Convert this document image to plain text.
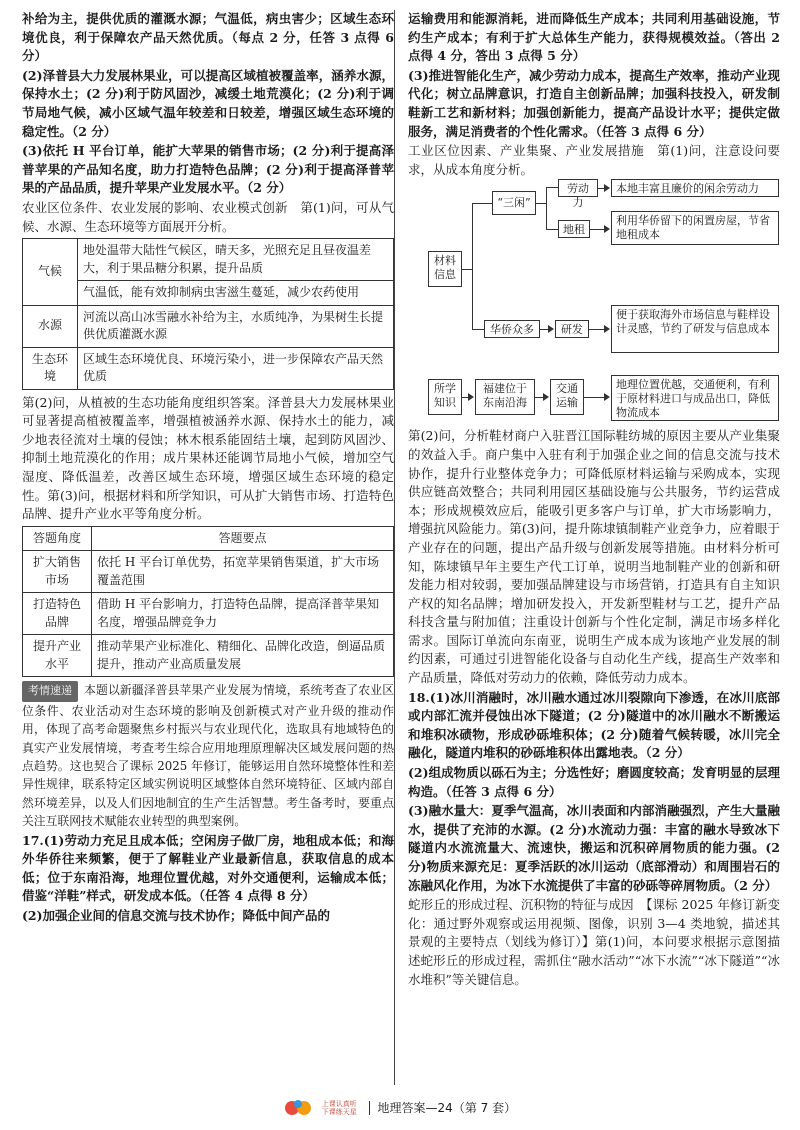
补给为主，提供优质的灌溉水源；气温低，病虫害少；区域生态环境优良，利于保障农产品天然优质。（每点 2 分，任答 3 点得 6 分）

(2)泽普县大力发展林果业，可以提高区域植被覆盖率，涵养水源，保持水土；(2 分)利于防风固沙，减缓土地荒漠化；(2 分)利于调节局地气候，减小区域气温年较差和日较差，增强区域生态环境的稳定性。（2 分）

(3)依托 H 平台订单，能扩大苹果的销售市场；(2 分)利于提高泽普苹果的产品知名度，助力打造特色品牌；(2 分)利于提高泽普苹果的产品品质，提升苹果产业发展水平。（2 分）

农业区位条件、农业发展的影响、农业模式创新　第(1)问，可从气候、水源、生态环境等方面展开分析。

气候	地处温带大陆性气候区，晴天多，光照充足且昼夜温差大，利于果品糖分积累，提升品质
	气温低，能有效抑制病虫害滋生蔓延，减少农药使用
水源	河流以高山冰雪融水补给为主，水质纯净，为果树生长提供优质灌溉水源
生态环境	区域生态环境优良、环境污染小，进一步保障农产品天然优质

第(2)问，从植被的生态功能角度组织答案。泽普县大力发展林果业可显著提高植被覆盖率，增强植被涵养水源、保持水土的能力，减少地表径流对土壤的侵蚀；林木根系能固结土壤，起到防风固沙、抑制土地荒漠化的作用；成片果林还能调节局地小气候，增加空气湿度、降低温差，改善区域生态环境，增强区域生态环境的稳定性。第(3)问，根据材料和所学知识，可从扩大销售市场、打造特色品牌、提升产业水平等角度分析。

答题角度	答题要点
扩大销售市场	依托 H 平台订单优势，拓宽苹果销售渠道，扩大市场覆盖范围
打造特色品牌	借助 H 平台影响力，打造特色品牌，提高泽普苹果知名度，增强品牌竞争力
提升产业水平	推动苹果产业标准化、精细化、品牌化改造，倒逼品质提升，推动产业高质量发展

考情速递 本题以新疆泽普县苹果产业发展为情境，系统考查了农业区位条件、农业活动对生态环境的影响及创新模式对产业升级的推动作用，体现了高考命题聚焦乡村振兴与农业现代化，选取具有地域特色的真实产业发展情境，考查考生综合应用地理原理解决区域发展问题的热点趋势。这也契合了课标 2025 年修订，能够运用自然环境整体性和差异性规律，联系特定区域实例说明区域整体自然环境特征、区域内部自然环境差异，以及人们因地制宜的生产生活智慧。考生备考时，要重点关注互联网技术赋能农业转型的典型案例。

17.(1)劳动力充足且成本低；空闲房子做厂房，地租成本低；和海外华侨往来频繁，便于了解鞋业产业最新信息，获取信息的成本低；位于东南沿海，地理位置优越，对外交通便利，运输成本低；借鉴“洋鞋”样式，研发成本低。（任答 4 点得 8 分）

(2)加强企业间的信息交流与技术协作；降低中间产品的

运输费用和能源消耗，进而降低生产成本；共同利用基础设施，节约生产成本；有利于扩大总体生产能力，获得规模效益。（答出 2 点得 4 分，答出 3 点得 5 分）

(3)推进智能化生产，减少劳动力成本，提高生产效率，推动产业现代化；树立品牌意识，打造自主创新品牌；加强科技投入，研发制鞋新工艺和新材料；加强创新能力，提高产品设计水平；提供定做服务，满足消费者的个性化需求。（任答 3 点得 6 分）

工业区位因素、产业集聚、产业发展措施　第(1)问，注意设问要求，从成本角度分析。

材料信息
“三闲”
劳动力
本地丰富且廉价的闲余劳动力
地租
利用华侨留下的闲置房屋，节省地租成本
华侨众多	研发
便于获取海外市场信息与鞋样设计灵感，节约了研发与信息成本
所学知识
福建位于东南沿海
交通运输
地理位置优越，交通便利，有利于原材料进口与成品出口，降低物流成本

第(2)问，分析鞋材商户入驻晋江国际鞋纺城的原因主要从产业集聚的效益入手。商户集中入驻有利于加强企业之间的信息交流与技术协作，提升行业整体竞争力；可降低原材料运输与采购成本，实现供应链高效整合；共同利用园区基础设施与公共服务，节约运营成本；形成规模效应后，能吸引更多客户与订单，扩大市场影响力，增强抗风险能力。第(3)问，提升陈埭镇制鞋产业竞争力，应着眼于产业存在的问题，提出产品升级与创新发展等措施。由材料分析可知，陈埭镇早年主要生产代工订单，说明当地制鞋产业的创新和研发能力相对较弱，要加强品牌建设与市场营销，打造具有自主知识产权的知名品牌；增加研发投入，开发新型鞋材与工艺，提升产品科技含量与附加值；注重设计创新与个性化定制，满足市场多样化需求。国际订单流向东南亚，说明生产成本成为该地产业发展的制约因素，可通过引进智能化设备与自动化生产线，提高生产效率和产品质量，降低对劳动力的依赖，降低劳动力成本。

18.(1)冰川消融时，冰川融水通过冰川裂隙向下渗透，在冰川底部或内部汇流并侵蚀出冰下隧道；(2 分)隧道中的冰川融水不断搬运和堆积冰碛物，形成砂砾堆积体；(2 分)随着气候转暖，冰川完全融化，隧道内堆积的砂砾堆积体出露地表。（2 分）

(2)组成物质以砾石为主；分选性好；磨圆度较高；发育明显的层理构造。（任答 3 点得 6 分）

(3)融水量大：夏季气温高，冰川表面和内部消融强烈，产生大量融水，提供了充沛的水源。(2 分)水流动力强：丰富的融水导致冰下隧道内水流流量大、流速快，搬运和沉积碎屑物质的能力强。(2 分)物质来源充足：夏季活跃的冰川运动（底部滑动）和周围岩石的冻融风化作用，为冰下水流提供了丰富的砂砾等碎屑物质。（2 分）

蛇形丘的形成过程、沉积物的特征与成因　【课标 2025 年修订新变化：通过野外观察或运用视频、图像，识别 3—4 类地貌，描述其景观的主要特点（划线为修订）】第(1)问，本问要求根据示意图描述蛇形丘的形成过程，需抓住“融水活动”“冰下水流”“冰下隧道”“冰水堆积”等关键信息。

上课认真听
下课练天星 地理答案—24（第 7 套）
